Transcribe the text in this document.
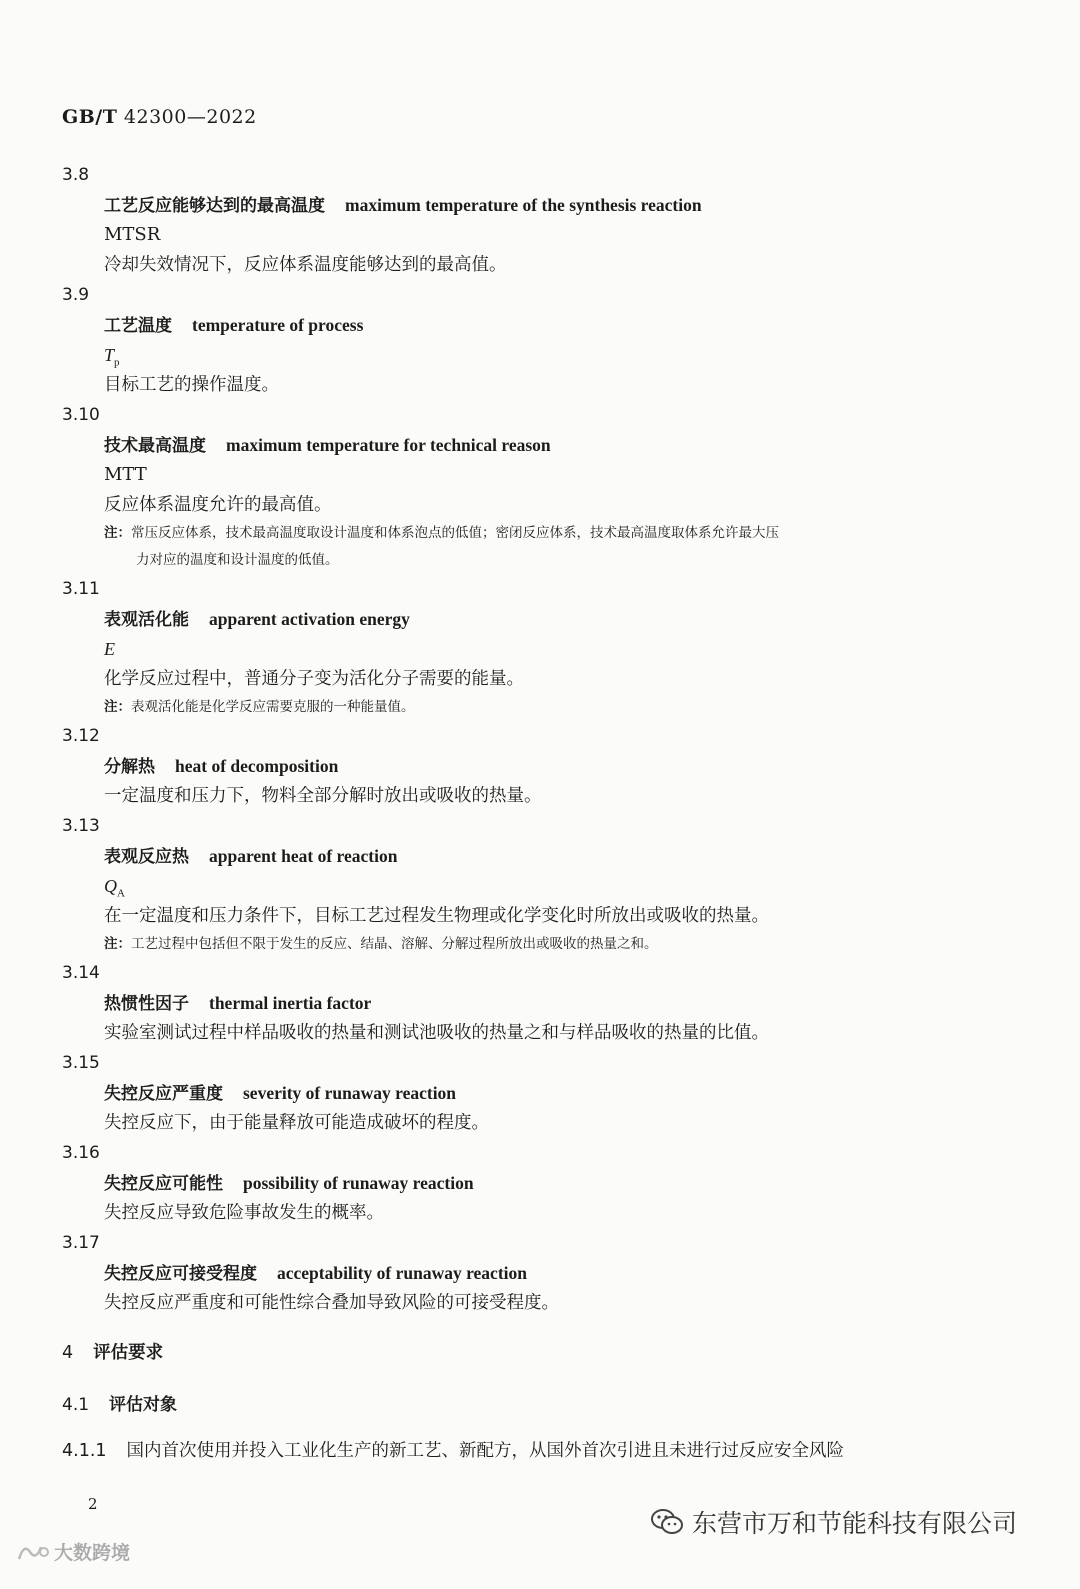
GB/T 42300—2022
3.8
工艺反应能够达到的最高温度 maximum temperature of the synthesis reaction
MTSR
冷却失效情况下，反应体系温度能够达到的最高值。
3.9
工艺温度 temperature of process
$T_p$
目标工艺的操作温度。
3.10
技术最高温度 maximum temperature for technical reason
MTT
反应体系温度允许的最高值。
注：常压反应体系，技术最高温度取设计温度和体系泡点的低值；密闭反应体系，技术最高温度取体系允许最大压
力对应的温度和设计温度的低值。
3.11
表观活化能 apparent activation energy
E
化学反应过程中，普通分子变为活化分子需要的能量。
注：表观活化能是化学反应需要克服的一种能量值。
3.12
分解热 heat of decomposition
一定温度和压力下，物料全部分解时放出或吸收的热量。
3.13
表观反应热 apparent heat of reaction
$Q_A$
在一定温度和压力条件下，目标工艺过程发生物理或化学变化时所放出或吸收的热量。
注：工艺过程中包括但不限于发生的反应、结晶、溶解、分解过程所放出或吸收的热量之和。
3.14
热惯性因子 thermal inertia factor
实验室测试过程中样品吸收的热量和测试池吸收的热量之和与样品吸收的热量的比值。
3.15
失控反应严重度 severity of runaway reaction
失控反应下，由于能量释放可能造成破坏的程度。
3.16
失控反应可能性 possibility of runaway reaction
失控反应导致危险事故发生的概率。
3.17
失控反应可接受程度 acceptability of runaway reaction
失控反应严重度和可能性综合叠加导致风险的可接受程度。
4 评估要求
4.1 评估对象
4.1.1 国内首次使用并投入工业化生产的新工艺、新配方，从国外首次引进且未进行过反应安全风险
2
东营市万和节能科技有限公司
大数跨境
